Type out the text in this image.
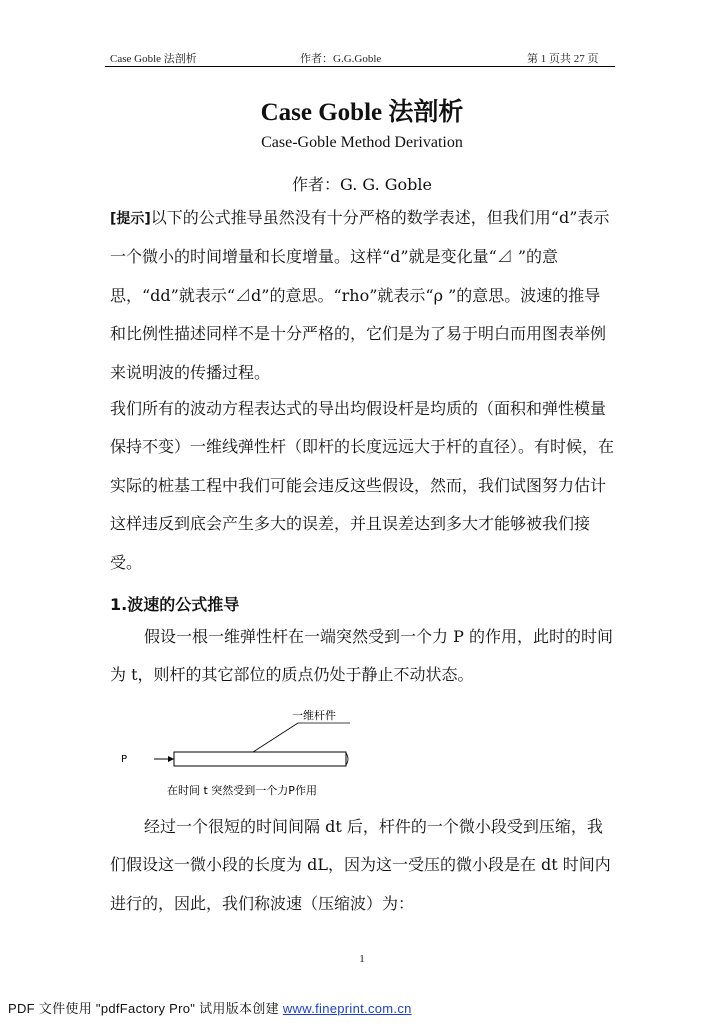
Case Goble 法剖析	作者：G.G.Goble	第 1 页共 27 页
Case Goble 法剖析
Case-Goble Method Derivation
作者：G. G. Goble
[提示]以下的公式推导虽然没有十分严格的数学表述，但我们用“d”表示一个微小的时间增量和长度增量。这样“d”就是变化量“⊿ ”的意思，“dd”就表示“⊿d”的意思。“rho”就表示“ρ ”的意思。波速的推导和比例性描述同样不是十分严格的，它们是为了易于明白而用图表举例来说明波的传播过程。
我们所有的波动方程表达式的导出均假设杆是均质的（面积和弹性模量保持不变）一维线弹性杆（即杆的长度远远大于杆的直径）。有时候，在实际的桩基工程中我们可能会违反这些假设，然而，我们试图努力估计这样违反到底会产生多大的误差，并且误差达到多大才能够被我们接受。
1.波速的公式推导
假设一根一维弹性杆在一端突然受到一个力 P 的作用，此时的时间为 t，则杆的其它部位的质点仍处于静止不动状态。
一维杆件
P
在时间 t 突然受到一个力P作用
经过一个很短的时间间隔 dt 后，杆件的一个微小段受到压缩，我们假设这一微小段的长度为 dL，因为这一受压的微小段是在 dt 时间内进行的，因此，我们称波速（压缩波）为：
1
PDF 文件使用 "pdfFactory Pro" 试用版本创建 www.fineprint.com.cn
